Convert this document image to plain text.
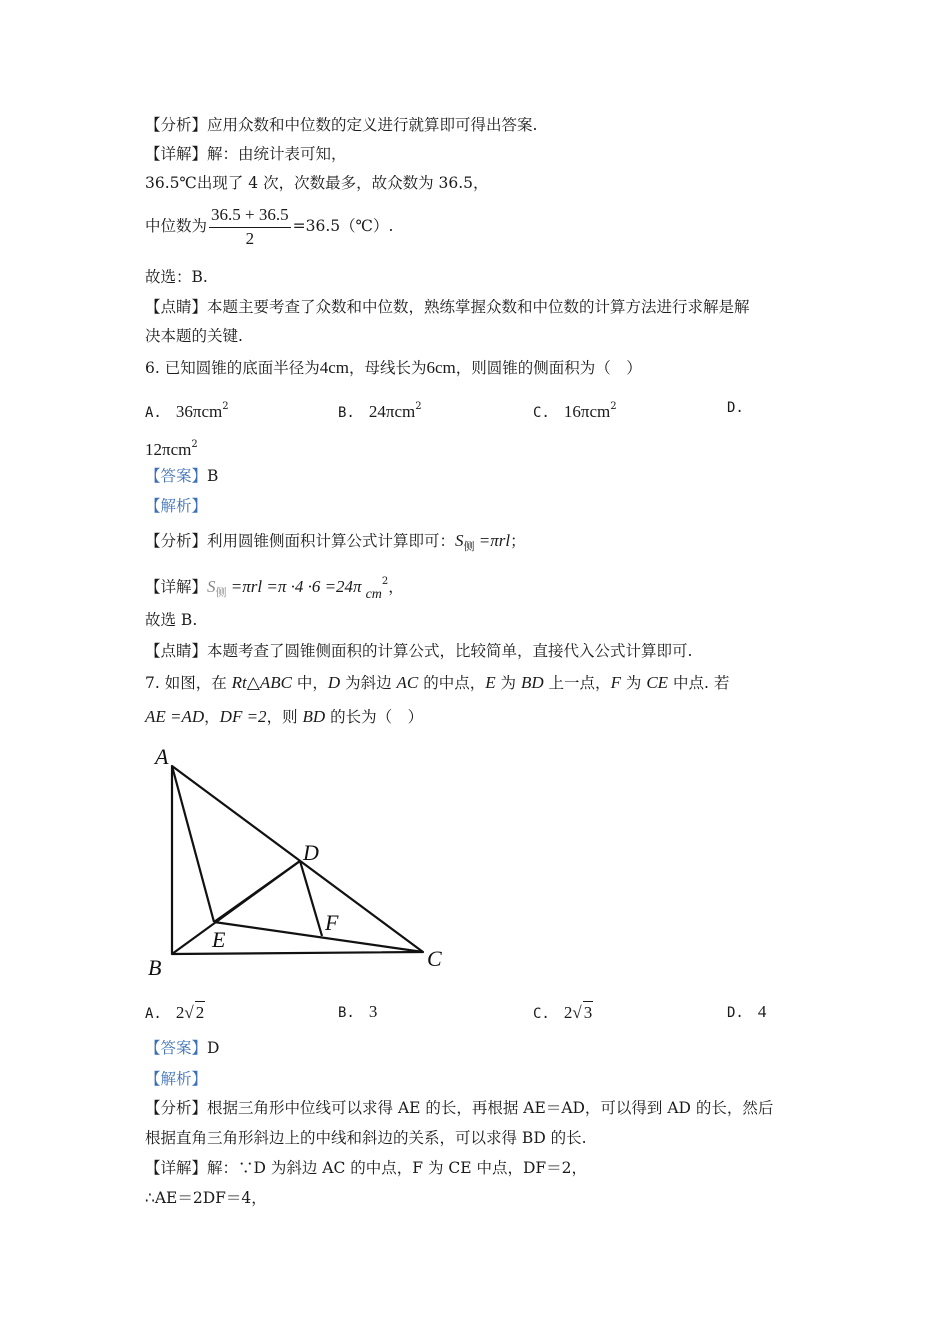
【分析】应用众数和中位数的定义进行就算即可得出答案.
【详解】解：由统计表可知，
36.5℃出现了 4 次，次数最多，故众数为 36.5，
中位数为 $\frac{36.5 + 36.5}{2}$ =36.5（℃）.
故选：B.
【点睛】本题主要考查了众数和中位数，熟练掌握众数和中位数的计算方法进行求解是解
决本题的关键.
6. 已知圆锥的底面半径为4cm，母线长为6cm，则圆锥的侧面积为（　）
A. 36πcm$^2$	B. 24πcm$^2$	C. 16πcm$^2$	D.
12πcm$^2$
【答案】B
【解析】
【分析】利用圆锥侧面积计算公式计算即可：$S_侧 =\pi rl$；
【详解】$S_侧 =\pi rl =\pi \cdot 4 \cdot 6 =24\pi$ $cm^2$，
故选 B.
【点睛】本题考查了圆锥侧面积的计算公式，比较简单，直接代入公式计算即可.
7. 如图，在 Rt△ABC 中，D 为斜边 AC 的中点，E 为 BD 上一点，F 为 CE 中点. 若
AE =AD，DF =2，则 BD 的长为（　）
A
B	C
D
E
F
A. 2√ 2	B. 3	C. 2√ 3	D. 4
【答案】D
【解析】
【分析】根据三角形中位线可以求得 AE 的长，再根据 AE＝AD，可以得到 AD 的长，然后
根据直角三角形斜边上的中线和斜边的关系，可以求得 BD 的长.
【详解】解：∵D 为斜边 AC 的中点，F 为 CE 中点，DF＝2，
∴AE＝2DF＝4，
